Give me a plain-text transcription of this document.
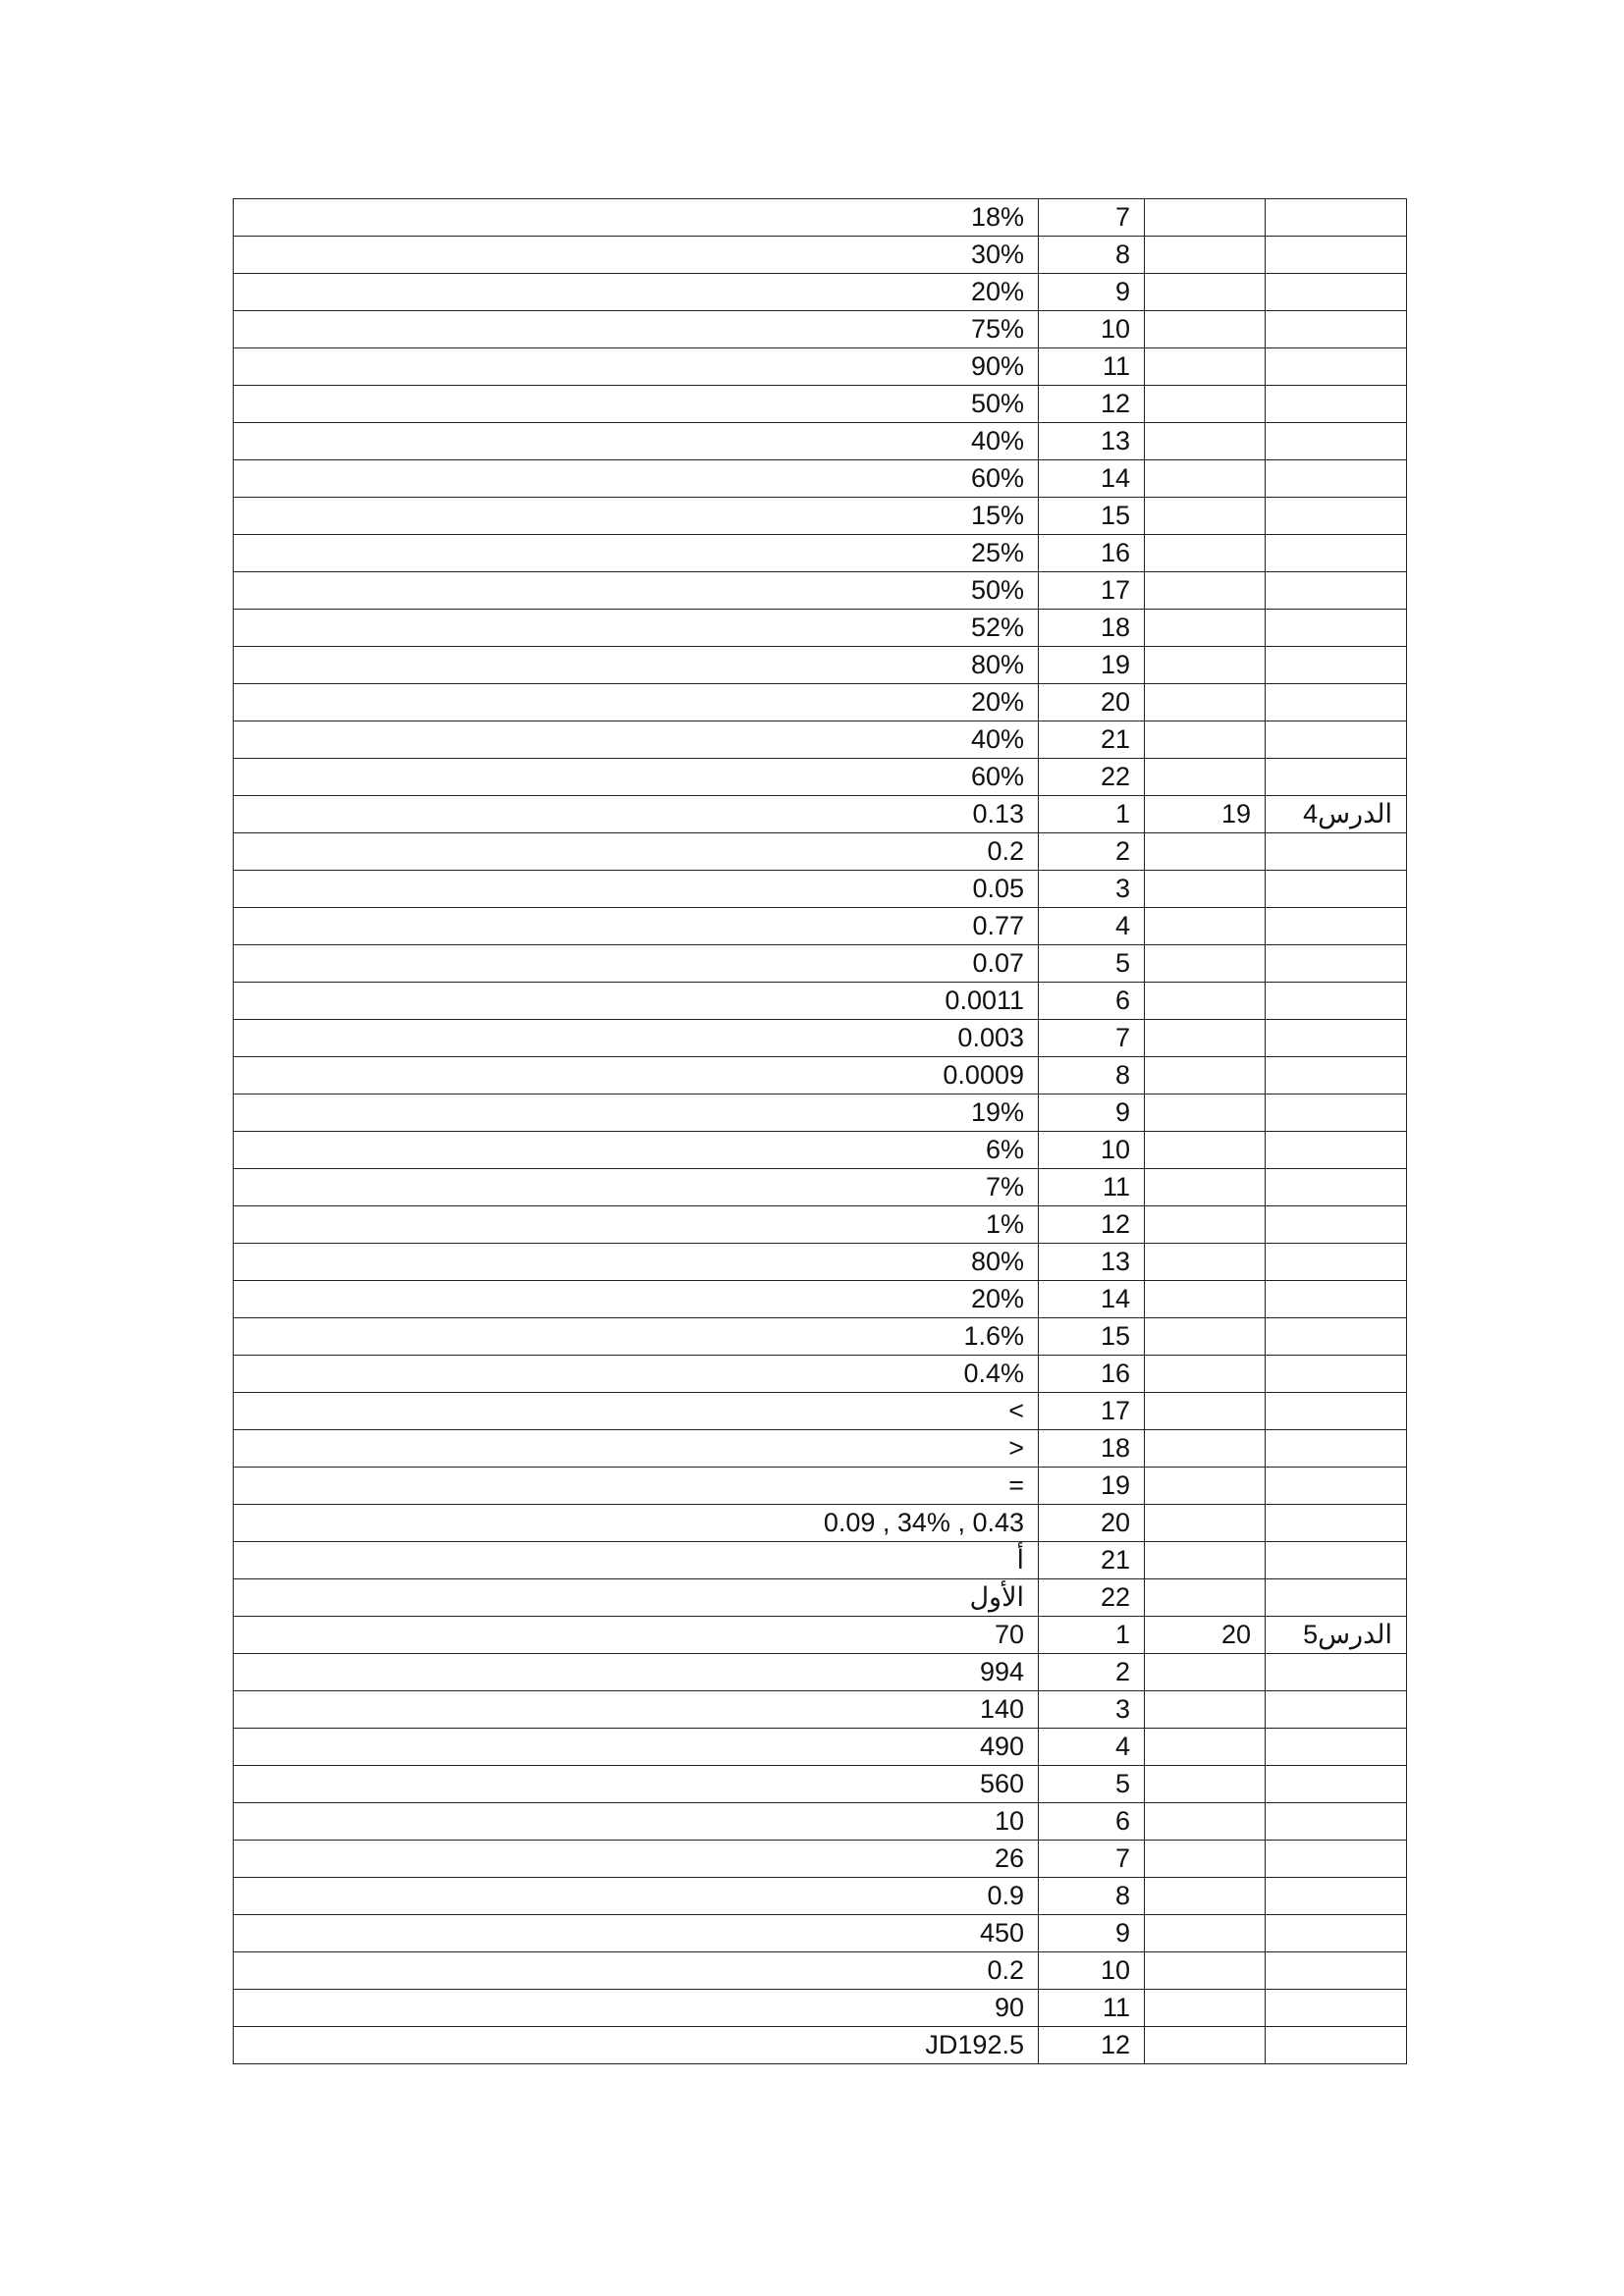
18%	7		
30%	8		
20%	9		
75%	10		
90%	11		
50%	12		
40%	13		
60%	14		
15%	15		
25%	16		
50%	17		
52%	18		
80%	19		
20%	20		
40%	21		
60%	22		
0.13	1	19	الدرس4
0.2	2		
0.05	3		
0.77	4		
0.07	5		
0.0011	6		
0.003	7		
0.0009	8		
19%	9		
6%	10		
7%	11		
1%	12		
80%	13		
20%	14		
1.6%	15		
0.4%	16		
<	17		
>	18		
=	19		
0.09 , 34% , 0.43	20		
أ	21		
الأول	22		
70	1	20	الدرس5
994	2		
140	3		
490	4		
560	5		
10	6		
26	7		
0.9	8		
450	9		
0.2	10		
90	11		
JD192.5	12		
